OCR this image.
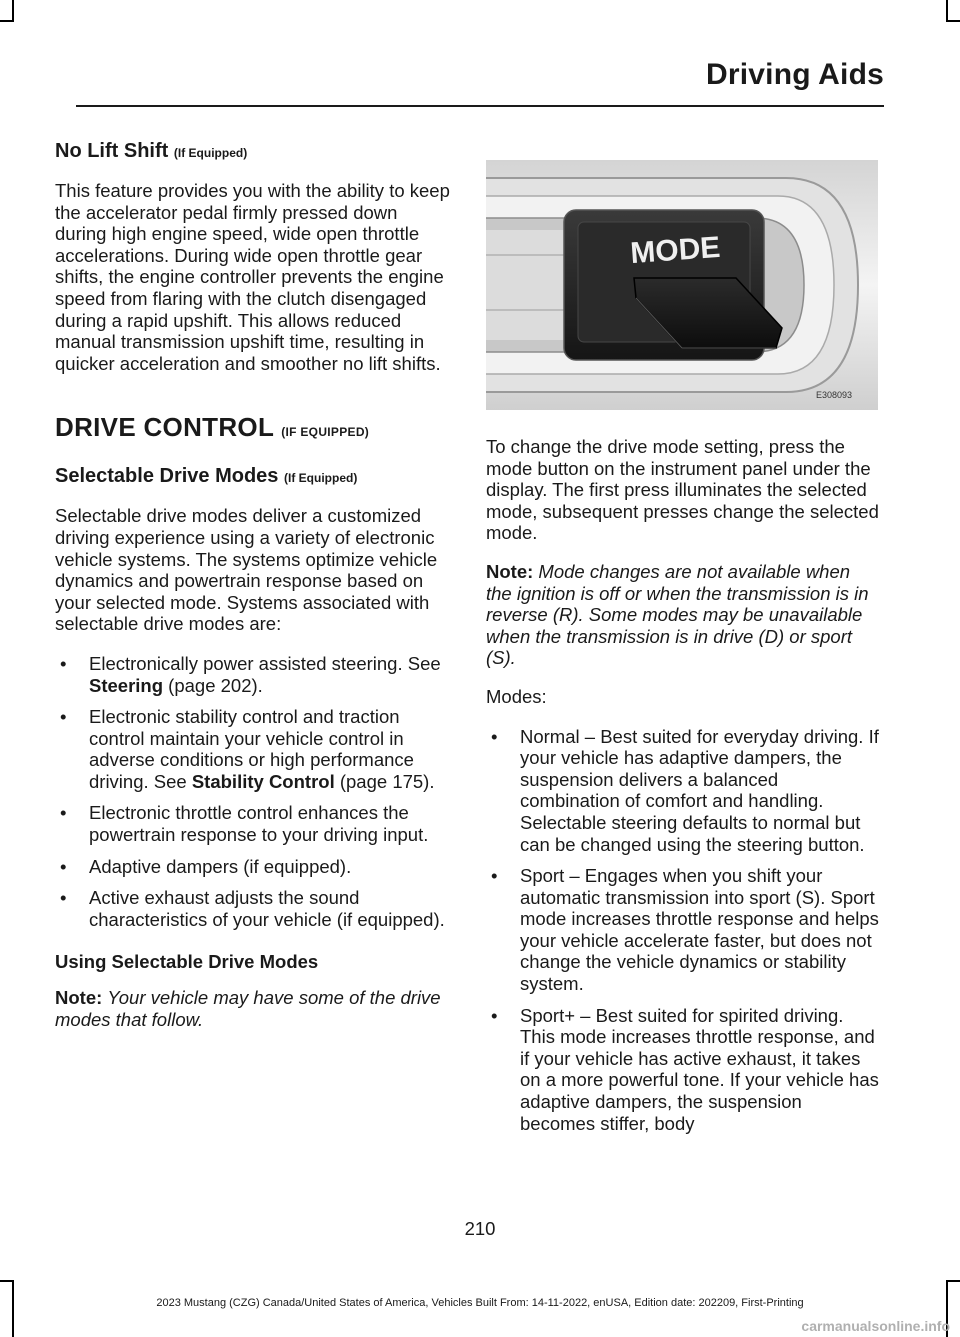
Driving Aids
No Lift Shift (If Equipped)

This feature provides you with the ability to keep the accelerator pedal firmly pressed down during high engine speed, wide open throttle accelerations. During wide open throttle gear shifts, the engine controller prevents the engine speed from flaring with the clutch disengaged during a rapid upshift. This allows reduced manual transmission upshift time, resulting in quicker acceleration and smoother no lift shifts.

DRIVE CONTROL (IF EQUIPPED)
Selectable Drive Modes (If Equipped)

Selectable drive modes deliver a customized driving experience using a variety of electronic vehicle systems. The systems optimize vehicle dynamics and powertrain response based on your selected mode. Systems associated with selectable drive modes are:

• Electronically power assisted steering. See Steering (page 202).
• Electronic stability control and traction control maintain your vehicle control in adverse conditions or high performance driving. See Stability Control (page 175).
• Electronic throttle control enhances the powertrain response to your driving input.
• Adaptive dampers (if equipped).
• Active exhaust adjusts the sound characteristics of your vehicle (if equipped).
Using Selectable Drive Modes

Note: Your vehicle may have some of the drive modes that follow.

MODE
E308093

To change the drive mode setting, press the mode button on the instrument panel under the display. The first press illuminates the selected mode, subsequent presses change the selected mode.

Note: Mode changes are not available when the ignition is off or when the transmission is in reverse (R). Some modes may be unavailable when the transmission is in drive (D) or sport (S).

Modes:

• Normal – Best suited for everyday driving. If your vehicle has adaptive dampers, the suspension delivers a balanced combination of comfort and handling. Selectable steering defaults to normal but can be changed using the steering button.
• Sport – Engages when you shift your automatic transmission into sport (S). Sport mode increases throttle response and helps your vehicle accelerate faster, but does not change the vehicle dynamics or stability system.
• Sport+ – Best suited for spirited driving. This mode increases throttle response, and if your vehicle has active exhaust, it takes on a more powerful tone. If your vehicle has adaptive dampers, the suspension becomes stiffer, body
210
2023 Mustang (CZG) Canada/United States of America, Vehicles Built From: 14-11-2022, enUSA, Edition date: 202209, First-Printing
carmanualsonline.info
